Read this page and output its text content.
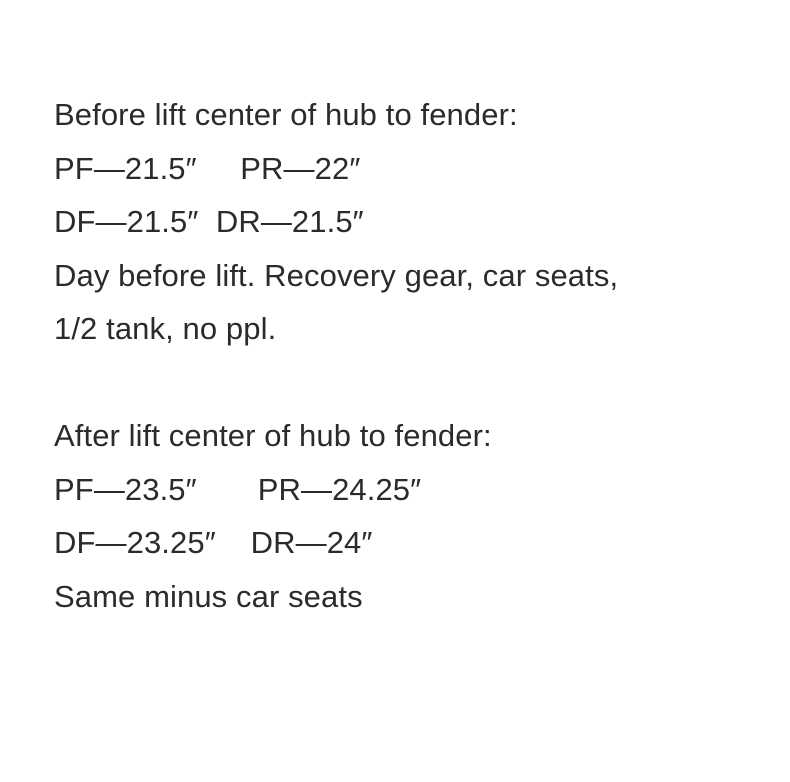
Before lift center of hub to fender:
PF—21.5″     PR—22″
DF—21.5″  DR—21.5″
Day before lift. Recovery gear, car seats,
1/2 tank, no ppl.
After lift center of hub to fender:
PF—23.5″       PR—24.25″
DF—23.25″    DR—24″
Same minus car seats
